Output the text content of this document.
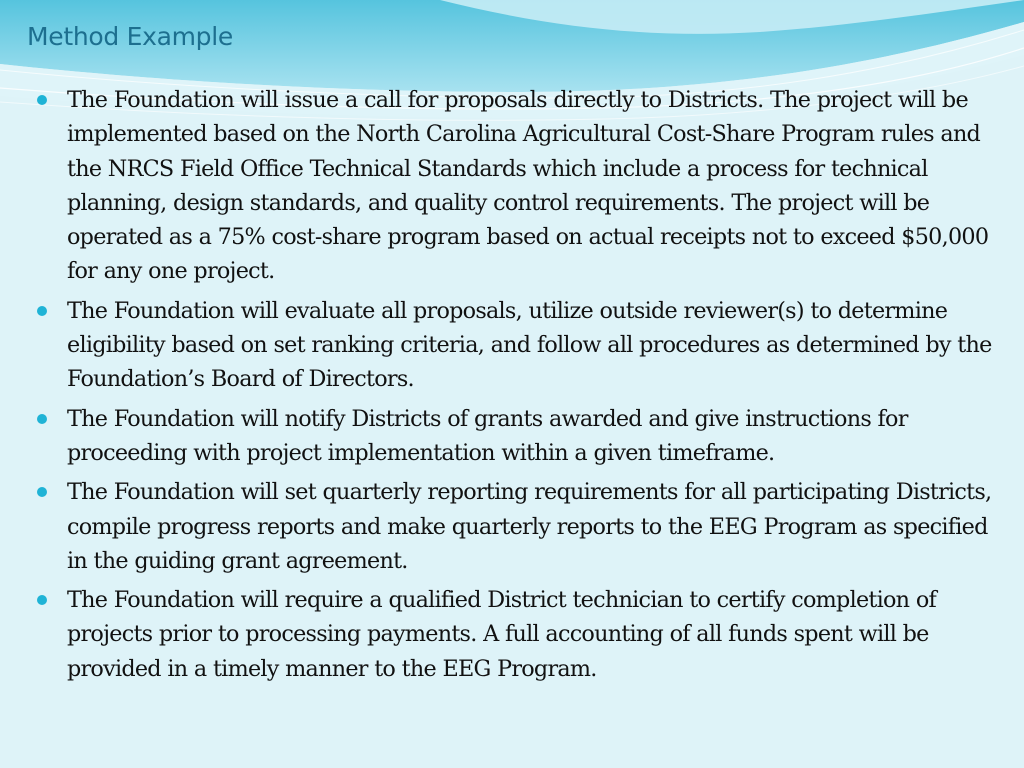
Method Example
The Foundation will issue a call for proposals directly to Districts. The project will be implemented based on the North Carolina Agricultural Cost-Share Program rules and the NRCS Field Office Technical Standards which include a process for technical planning, design standards, and quality control requirements. The project will be operated as a 75% cost-share program based on actual receipts not to exceed $50,000 for any one project.
The Foundation will evaluate all proposals, utilize outside reviewer(s) to determine eligibility based on set ranking criteria, and follow all procedures as determined by the Foundation’s Board of Directors.
The Foundation will notify Districts of grants awarded and give instructions for proceeding with project implementation within a given timeframe.
The Foundation will set quarterly reporting requirements for all participating Districts, compile progress reports and make quarterly reports to the EEG Program as specified in the guiding grant agreement.
The Foundation will require a qualified District technician to certify completion of projects prior to processing payments. A full accounting of all funds spent will be provided in a timely manner to the EEG Program.
